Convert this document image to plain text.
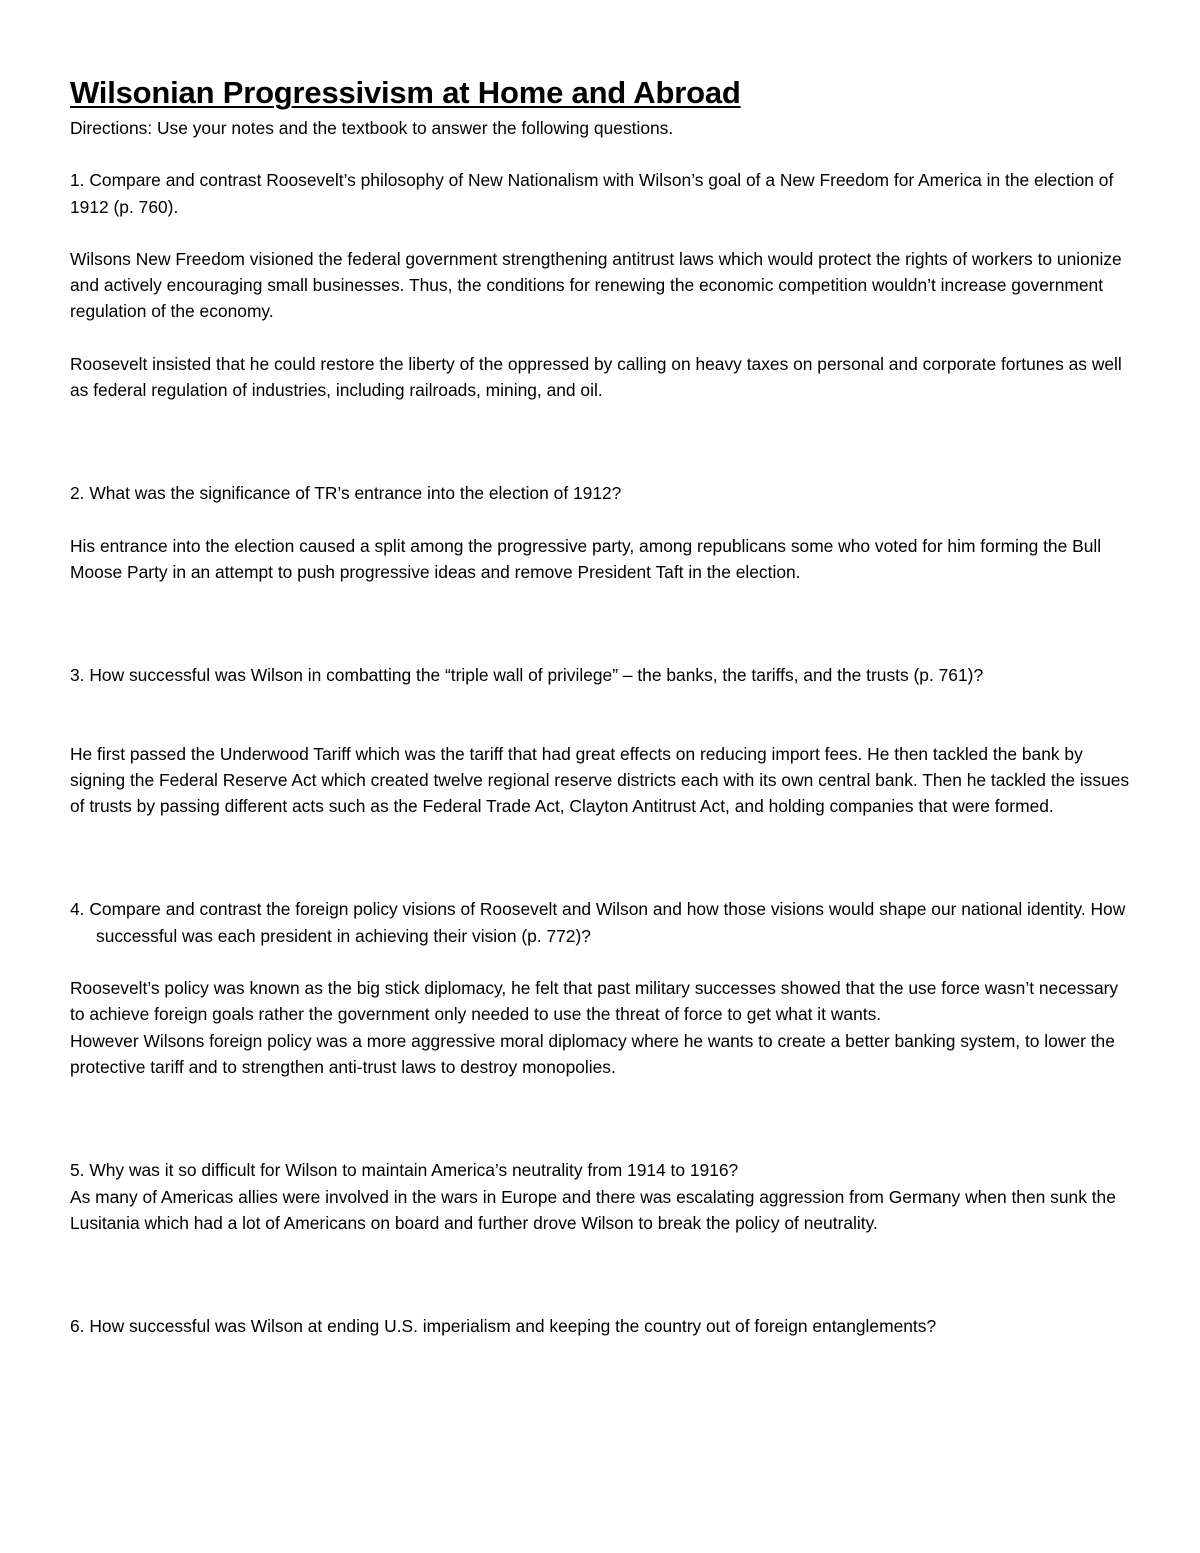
Wilsonian Progressivism at Home and Abroad

Directions: Use your notes and the textbook to answer the following questions.

1. Compare and contrast Roosevelt’s philosophy of New Nationalism with Wilson’s goal of a New Freedom for America in the election of 1912 (p. 760).

Wilsons New Freedom visioned the federal government strengthening antitrust laws which would protect the rights of workers to unionize and actively encouraging small businesses. Thus, the conditions for renewing the economic competition wouldn’t increase government regulation of the economy.

Roosevelt insisted that he could restore the liberty of the oppressed by calling on heavy taxes on personal and corporate fortunes as well as federal regulation of industries, including railroads, mining, and oil.

2. What was the significance of TR’s entrance into the election of 1912?

His entrance into the election caused a split among the progressive party, among republicans some who voted for him forming the Bull Moose Party in an attempt to push progressive ideas and remove President Taft in the election.

3. How successful was Wilson in combatting the “triple wall of privilege” – the banks, the tariffs, and the trusts (p. 761)?

He first passed the Underwood Tariff which was the tariff that had great effects on reducing import fees. He then tackled the bank by signing the Federal Reserve Act which created twelve regional reserve districts each with its own central bank. Then he tackled the issues of trusts by passing different acts such as the Federal Trade Act, Clayton Antitrust Act, and holding companies that were formed.

4. Compare and contrast the foreign policy visions of Roosevelt and Wilson and how those visions would shape our national identity. How successful was each president in achieving their vision (p. 772)?

Roosevelt’s policy was known as the big stick diplomacy, he felt that past military successes showed that the use force wasn’t necessary to achieve foreign goals rather the government only needed to use the threat of force to get what it wants.

However Wilsons foreign policy was a more aggressive moral diplomacy where he wants to create a better banking system, to lower the protective tariff and to strengthen anti-trust laws to destroy monopolies.

5. Why was it so difficult for Wilson to maintain America’s neutrality from 1914 to 1916?

As many of Americas allies were involved in the wars in Europe and there was escalating aggression from Germany when then sunk the Lusitania which had a lot of Americans on board and further drove Wilson to break the policy of neutrality.

6. How successful was Wilson at ending U.S. imperialism and keeping the country out of foreign entanglements?
